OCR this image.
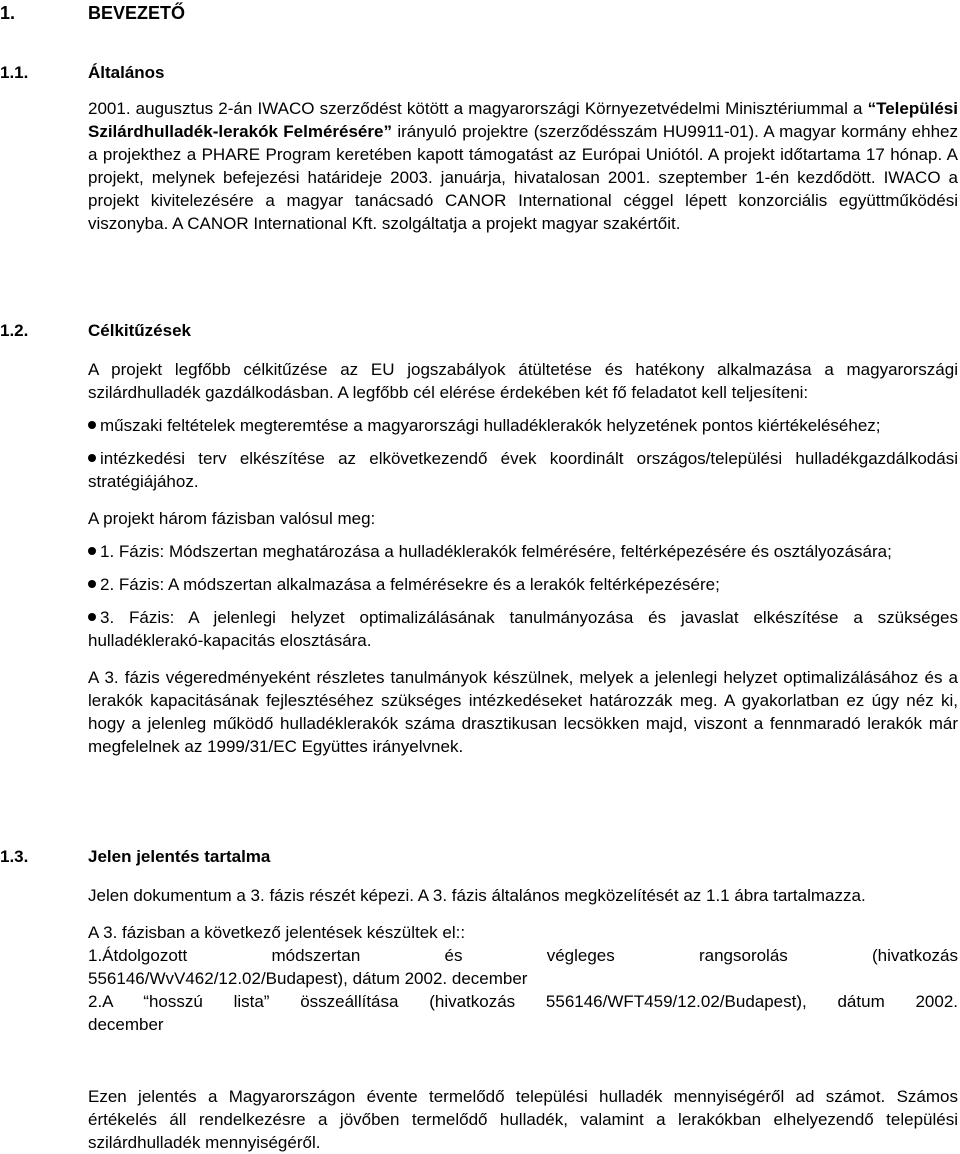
1.	BEVEZETŐ
1.1.	Általános

2001. augusztus 2-án IWACO szerződést kötött a magyarországi Környezetvédelmi Minisztériummal a “Települési Szilárdhulladék-lerakók Felmérésére” irányuló projektre (szerződésszám HU9911-01). A magyar kormány ehhez a projekthez a PHARE Program keretében kapott támogatást az Európai Uniótól. A projekt időtartama 17 hónap. A projekt, melynek befejezési határideje 2003. januárja, hivatalosan 2001. szeptember 1-én kezdődött. IWACO a projekt kivitelezésére a magyar tanácsadó CANOR International céggel lépett konzorciális együttműködési viszonyba. A CANOR International Kft. szolgáltatja a projekt magyar szakértőit.

1.2.	Célkitűzések

A projekt legfőbb célkitűzése az EU jogszabályok átültetése és hatékony alkalmazása a magyarországi szilárdhulladék gazdálkodásban. A legfőbb cél elérése érdekében két fő feladatot kell teljesíteni:

műszaki feltételek megteremtése a magyarországi hulladéklerakók helyzetének pontos kiértékeléséhez;

intézkedési terv elkészítése az elkövetkezendő évek koordinált országos/települési hulladékgazdálkodási stratégiájához.

A projekt három fázisban valósul meg:

1. Fázis: Módszertan meghatározása a hulladéklerakók felmérésére, feltérképezésére és osztályozására;

2. Fázis: A módszertan alkalmazása a felmérésekre és a lerakók feltérképezésére;

3. Fázis: A jelenlegi helyzet optimalizálásának tanulmányozása és javaslat elkészítése a szükséges hulladéklerakó-kapacitás elosztására.

A 3. fázis végeredményeként részletes tanulmányok készülnek, melyek a jelenlegi helyzet optimalizálásához és a lerakók kapacitásának fejlesztéséhez szükséges intézkedéseket határozzák meg. A gyakorlatban ez úgy néz ki, hogy a jelenleg működő hulladéklerakók száma drasztikusan lecsökken majd, viszont a fennmaradó lerakók már megfelelnek az 1999/31/EC Együttes irányelvnek.

1.3.	Jelen jelentés tartalma

Jelen dokumentum a 3. fázis részét képezi. A 3. fázis általános megközelítését az 1.1 ábra tartalmazza.

A 3. fázisban a következő jelentések készültek el::

1.Átdolgozott módszertan és végleges rangsorolás (hivatkozás

556146/WvV462/12.02/Budapest), dátum 2002. december

2.A “hosszú lista” összeállítása (hivatkozás 556146/WFT459/12.02/Budapest), dátum 2002.

december

Ezen jelentés a Magyarországon évente termelődő települési hulladék mennyiségéről ad számot. Számos értékelés áll rendelkezésre a jövőben termelődő hulladék, valamint a lerakókban elhelyezendő települési szilárdhulladék mennyiségéről.
